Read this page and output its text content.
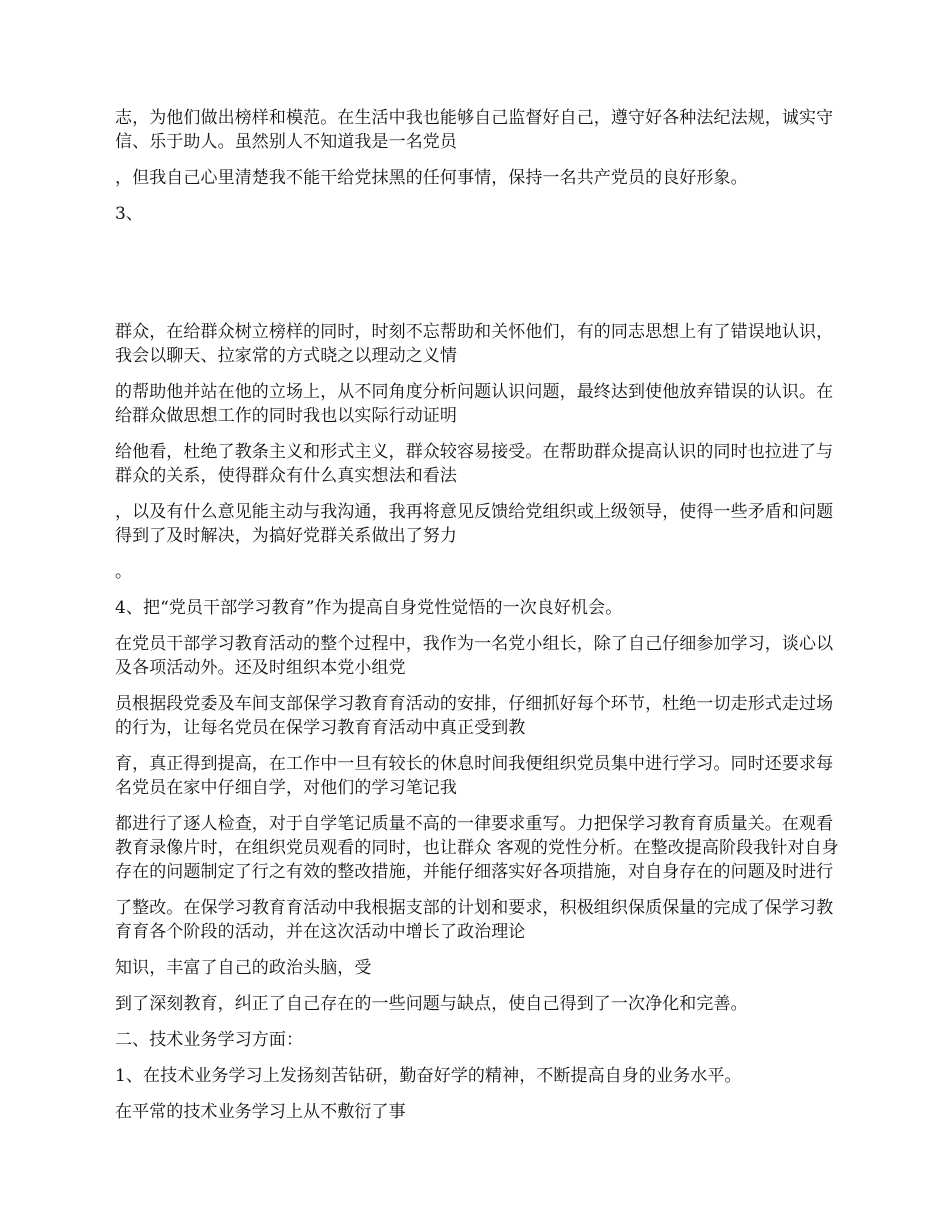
志，为他们做出榜样和模范。在生活中我也能够自己监督好自己，遵守好各种法纪法规，诚实守信、乐于助人。虽然别人不知道我是一名党员

，但我自己心里清楚我不能干给党抹黑的任何事情，保持一名共产党员的良好形象。

3、

群众，在给群众树立榜样的同时，时刻不忘帮助和关怀他们，有的同志思想上有了错误地认识，我会以聊天、拉家常的方式晓之以理动之义情

的帮助他并站在他的立场上，从不同角度分析问题认识问题，最终达到使他放弃错误的认识。在给群众做思想工作的同时我也以实际行动证明

给他看，杜绝了教条主义和形式主义，群众较容易接受。在帮助群众提高认识的同时也拉进了与群众的关系，使得群众有什么真实想法和看法

，以及有什么意见能主动与我沟通，我再将意见反馈给党组织或上级领导，使得一些矛盾和问题得到了及时解决，为搞好党群关系做出了努力

。

4、把“党员干部学习教育”作为提高自身党性觉悟的一次良好机会。

在党员干部学习教育活动的整个过程中，我作为一名党小组长，除了自己仔细参加学习，谈心以及各项活动外。还及时组织本党小组党

员根据段党委及车间支部保学习教育育活动的安排，仔细抓好每个环节，杜绝一切走形式走过场的行为，让每名党员在保学习教育育活动中真正受到教

育，真正得到提高，在工作中一旦有较长的休息时间我便组织党员集中进行学习。同时还要求每名党员在家中仔细自学，对他们的学习笔记我

都进行了逐人检查，对于自学笔记质量不高的一律要求重写。力把保学习教育育质量关。在观看教育录像片时，在组织党员观看的同时，也让群众 客观的党性分析。在整改提高阶段我针对自身存在的问题制定了行之有效的整改措施，并能仔细落实好各项措施，对自身存在的问题及时进行

了整改。在保学习教育育活动中我根据支部的计划和要求，积极组织保质保量的完成了保学习教育育各个阶段的活动，并在这次活动中增长了政治理论

知识，丰富了自己的政治头脑，受

到了深刻教育，纠正了自己存在的一些问题与缺点，使自己得到了一次净化和完善。

二、技术业务学习方面：

1、在技术业务学习上发扬刻苦钻研，勤奋好学的精神，不断提高自身的业务水平。

在平常的技术业务学习上从不敷衍了事
